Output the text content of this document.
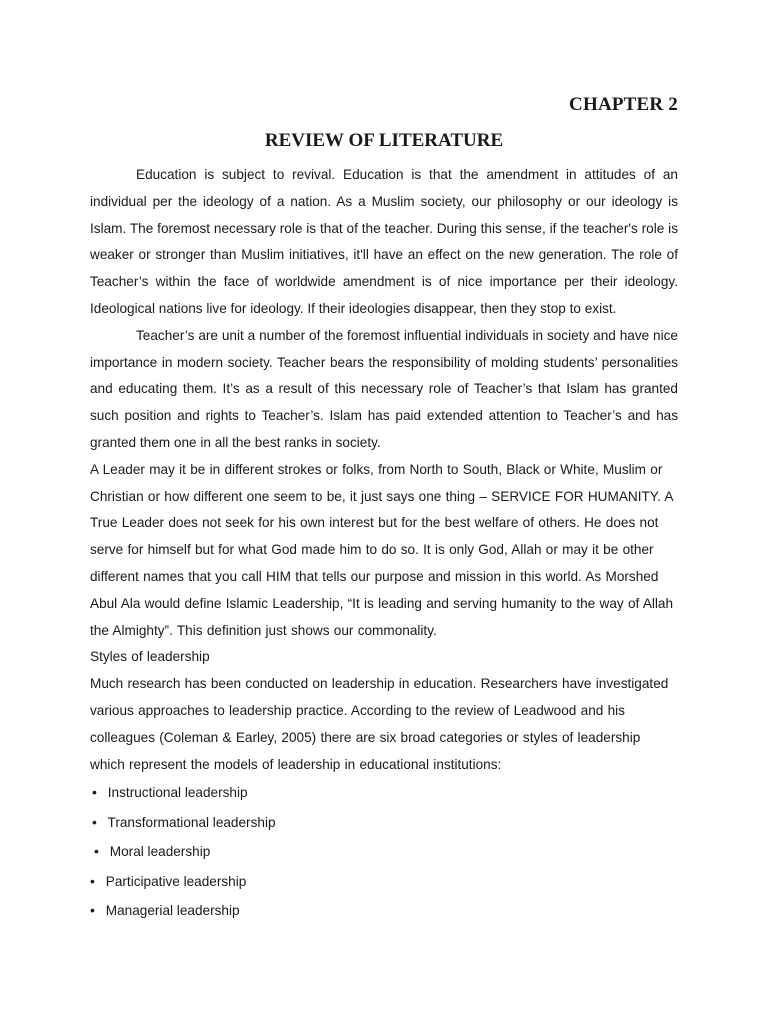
CHAPTER 2
REVIEW OF LITERATURE

Education is subject to revival. Education is that the amendment in attitudes of an individual per the ideology of a nation. As a Muslim society, our philosophy or our ideology is Islam. The foremost necessary role is that of the teacher. During this sense, if the teacher's role is weaker or stronger than Muslim initiatives, it'll have an effect on the new generation. The role of Teacher’s within the face of worldwide amendment is of nice importance per their ideology. Ideological nations live for ideology. If their ideologies disappear, then they stop to exist.

Teacher’s are unit a number of the foremost influential individuals in society and have nice importance in modern society. Teacher bears the responsibility of molding students’ personalities and educating them. It’s as a result of this necessary role of Teacher’s that Islam has granted such position and rights to Teacher’s. Islam has paid extended attention to Teacher’s and has granted them one in all the best ranks in society.

A Leader may it be in different strokes or folks, from North to South, Black or White, Muslim or Christian or how different one seem to be, it just says one thing – SERVICE FOR HUMANITY. A True Leader does not seek for his own interest but for the best welfare of others. He does not serve for himself but for what God made him to do so. It is only God, Allah or may it be other different names that you call HIM that tells our purpose and mission in this world. As Morshed Abul Ala would define Islamic Leadership, “It is leading and serving humanity to the way of Allah the Almighty”. This definition just shows our commonality.

Styles of leadership

Much research has been conducted on leadership in education. Researchers have investigated various approaches to leadership practice. According to the review of Leadwood and his colleagues (Coleman & Earley, 2005) there are six broad categories or styles of leadership which represent the models of leadership in educational institutions:

• Instructional leadership
• Transformational leadership
• Moral leadership
• Participative leadership
• Managerial leadership
